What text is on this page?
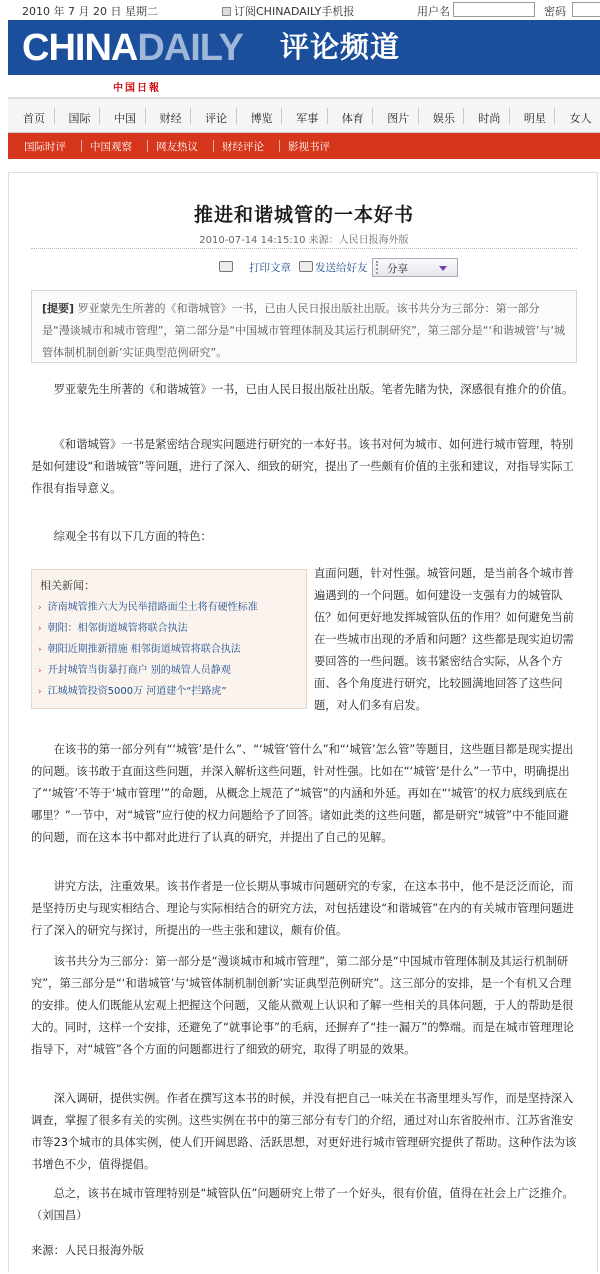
2010 年 7 月 20 日 星期二	订阅CHINADAILY手机报	用户名	密码
CHINADAILY 评论频道
中国日報
首页 国际 中国 财经 评论 博览 军事 体育 图片 娱乐 时尚 明星 女人
国际时评 中国观察 网友热议 财经评论 影视书评
推进和谐城管的一本好书
2010-07-14 14:15:10 来源：人民日报海外版
打印文章 发送给好友 分享
[提要] 罗亚蒙先生所著的《和谐城管》一书，已由人民日报出版社出版。该书共分为三部分：第一部分是“漫谈城市和城市管理”，第二部分是“中国城市管理体制及其运行机制研究”，第三部分是“‘和谐城管’与‘城管体制机制创新’实证典型范例研究”。
罗亚蒙先生所著的《和谐城管》一书，已由人民日报出版社出版。笔者先睹为快，深感很有推介的价值。
《和谐城管》一书是紧密结合现实问题进行研究的一本好书。该书对何为城市、如何进行城市管理，特别是如何建设“和谐城管”等问题，进行了深入、细致的研究，提出了一些颇有价值的主张和建议，对指导实际工作很有指导意义。
综观全书有以下几方面的特色：
相关新闻：
› 济南城管推六大为民举措路面尘土将有硬性标准
› 朝阳：相邻街道城管将联合执法
› 朝阳近期推新措施 相邻街道城管将联合执法
› 开封城管当街暴打商户 别的城管人员静观
› 江城城管投资5000万 河道建个“拦路虎”
直面问题，针对性强。城管问题，是当前各个城市普遍遇到的一个问题。如何建设一支强有力的城管队伍？如何更好地发挥城管队伍的作用？如何避免当前在一些城市出现的矛盾和问题？这些都是现实迫切需要回答的一些问题。该书紧密结合实际，从各个方面、各个角度进行研究，比较圆满地回答了这些问题，对人们多有启发。
在该书的第一部分列有“‘城管’是什么”、“‘城管’管什么”和“‘城管’怎么管”等题目，这些题目都是现实提出的问题。该书敢于直面这些问题，并深入解析这些问题，针对性强。比如在“‘城管’是什么”一节中，明确提出了“‘城管’不等于‘城市管理’”的命题，从概念上规范了“城管”的内涵和外延。再如在“‘城管’的权力底线到底在哪里？”一节中，对“城管”应行使的权力问题给予了回答。诸如此类的这些问题，都是研究“城管”中不能回避的问题，而在这本书中都对此进行了认真的研究，并提出了自己的见解。
讲究方法，注重效果。该书作者是一位长期从事城市问题研究的专家，在这本书中，他不是泛泛而论，而是坚持历史与现实相结合、理论与实际相结合的研究方法，对包括建设“和谐城管”在内的有关城市管理问题进行了深入的研究与探讨，所提出的一些主张和建议，颇有价值。
该书共分为三部分：第一部分是“漫谈城市和城市管理”，第二部分是“中国城市管理体制及其运行机制研究”，第三部分是“‘和谐城管’与‘城管体制机制创新’实证典型范例研究”。这三部分的安排，是一个有机又合理的安排。使人们既能从宏观上把握这个问题，又能从微观上认识和了解一些相关的具体问题，于人的帮助是很大的。同时，这样一个安排，还避免了“就事论事”的毛病，还摒弃了“挂一漏万”的弊端。而是在城市管理理论指导下，对“城管”各个方面的问题都进行了细致的研究，取得了明显的效果。
深入调研，提供实例。作者在撰写这本书的时候，并没有把自己一味关在书斋里埋头写作，而是坚持深入调查，掌握了很多有关的实例。这些实例在书中的第三部分有专门的介绍，通过对山东省胶州市、江苏省淮安市等23个城市的具体实例，使人们开阔思路、活跃思想，对更好进行城市管理研究提供了帮助。这种作法为该书增色不少，值得提倡。
总之，该书在城市管理特别是“城管队伍”问题研究上带了一个好头，很有价值，值得在社会上广泛推介。（刘国昌）
来源：人民日报海外版
